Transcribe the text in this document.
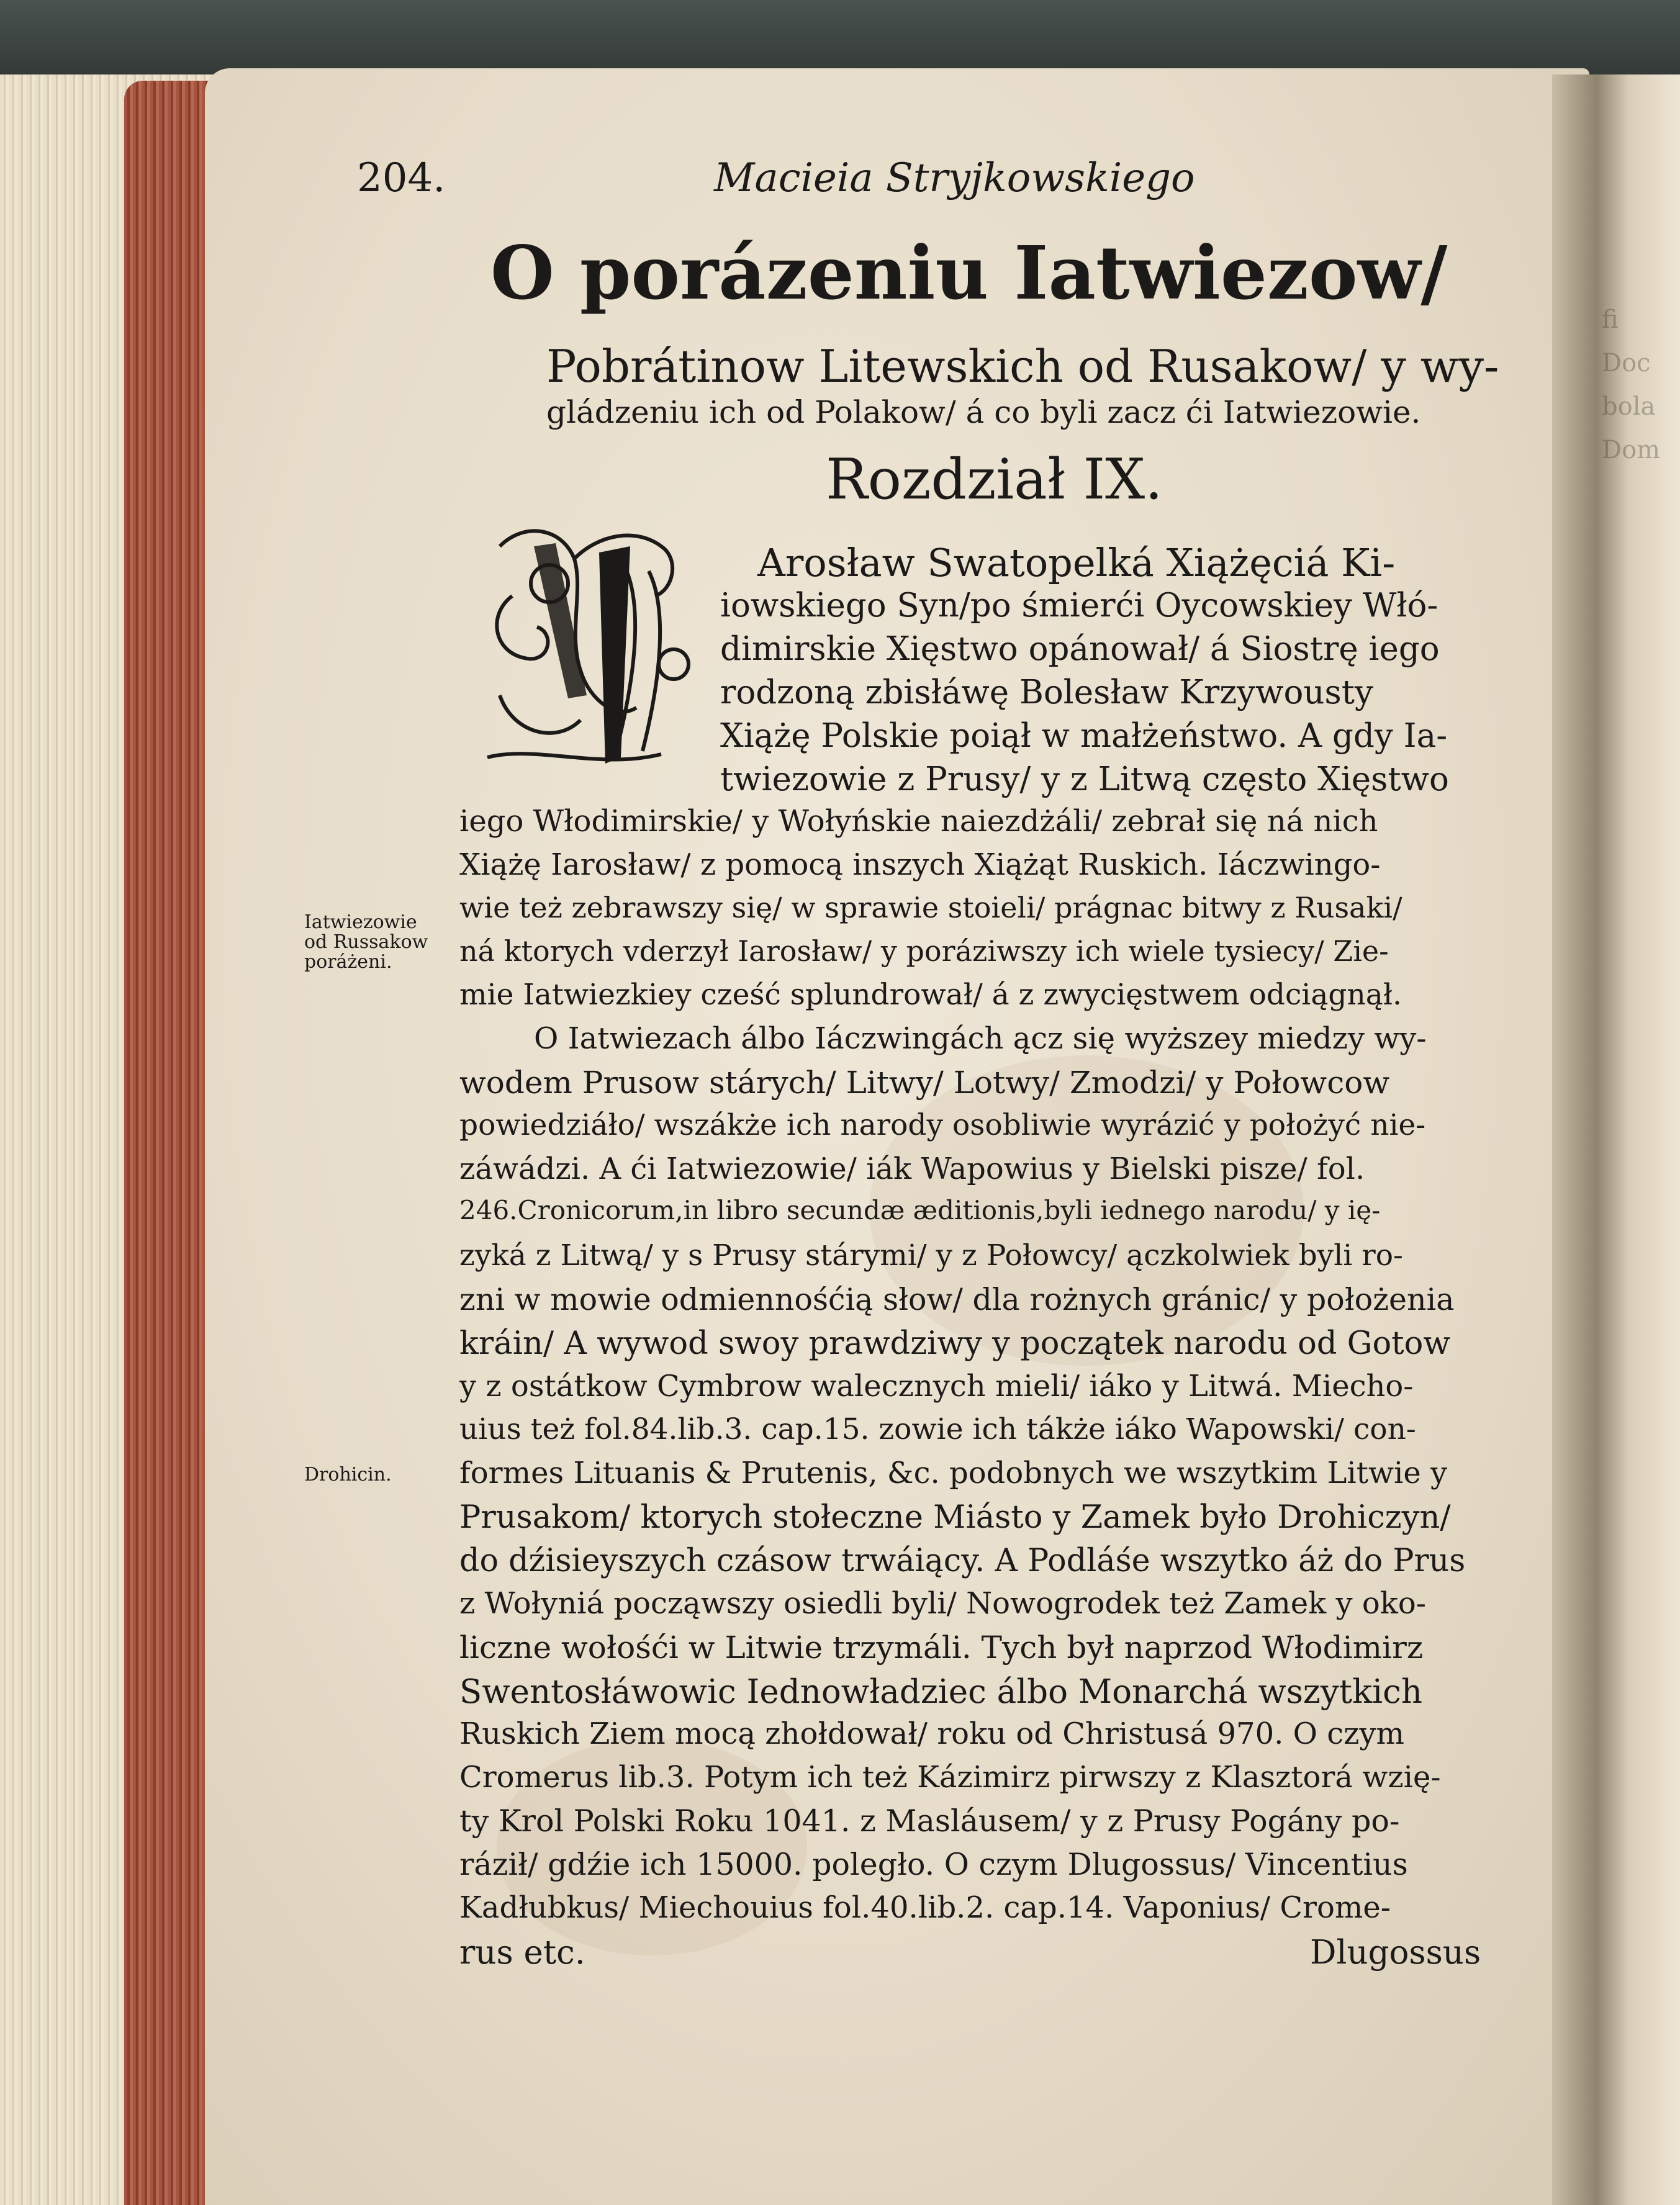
fi
Doc
bola
Dom
204.	Macieia Stryjkowskiego
O porázeniu Iatwiezow/
Pobrátinow Litewskich od Rusakow/ y wy-
gládzeniu ich od Polakow/ á co byli zacz ći Iatwiezowie.
Rozdział IX.
Arosław Swatopelká Xiążęciá Ki-
iowskiego Syn/po śmierći Oycowskiey Włó-
dimirskie Xięstwo opánował/ á Siostrę iego
rodzoną zbisłáwę Bolesław Krzywousty
Xiążę Polskie poiął w małżeństwo. A gdy Ia-
twiezowie z Prusy/ y z Litwą często Xięstwo
iego Włodimirskie/ y Wołyńskie naiezdżáli/ zebrał się ná nich
Xiążę Iarosław/ z pomocą inszych Xiążąt Ruskich. Iáczwingo-
wie też zebrawszy się/ w sprawie stoieli/ prágnac bitwy z Rusaki/
ná ktorych vderzył Iarosław/ y poráziwszy ich wiele tysiecy/ Zie-
mie Iatwiezkiey cześć splundrował/ á z zwycięstwem odciągnął.
O Iatwiezach álbo Iáczwingách ącz się wyższey miedzy wy-
wodem Prusow stárych/ Litwy/ Lotwy/ Zmodzi/ y Połowcow
powiedziáło/ wszákże ich narody osobliwie wyrázić y położyć nie-
záwádzi. A ći Iatwiezowie/ iák Wapowius y Bielski pisze/ fol.
246.Cronicorum,in libro secundæ æditionis,byli iednego narodu/ y ię-
zyká z Litwą/ y s Prusy stárymi/ y z Połowcy/ ączkolwiek byli ro-
zni w mowie odmiennośćią słow/ dla rożnych gránic/ y położenia
kráin/ A wywod swoy prawdziwy y początek narodu od Gotow
y z ostátkow Cymbrow walecznych mieli/ iáko y Litwá. Miecho-
uius też fol.84.lib.3. cap.15. zowie ich tákże iáko Wapowski/ con-
formes Lituanis & Prutenis, &c. podobnych we wszytkim Litwie y
Prusakom/ ktorych stołeczne Miásto y Zamek było Drohiczyn/
do dźisieyszych czásow trwáiący. A Podláśe wszytko áż do Prus
z Wołyniá począwszy osiedli byli/ Nowogrodek też Zamek y oko-
liczne wołośći w Litwie trzymáli. Tych był naprzod Włodimirz
Swentosłáwowic Iednowładziec álbo Monarchá wszytkich
Ruskich Ziem mocą zhołdował/ roku od Christusá 970. O czym
Cromerus lib.3. Potym ich też Kázimirz pirwszy z Klasztorá wzię-
ty Krol Polski Roku 1041. z Masláusem/ y z Prusy Pogány po-
ráził/ gdźie ich 15000. poległo. O czym Dlugossus/ Vincentius
Kadłubkus/ Miechouius fol.40.lib.2. cap.14. Vaponius/ Crome-
rus etc.	Dlugossus
Iatwiezowie
od Russakow
poráżeni.
Drohicin.
